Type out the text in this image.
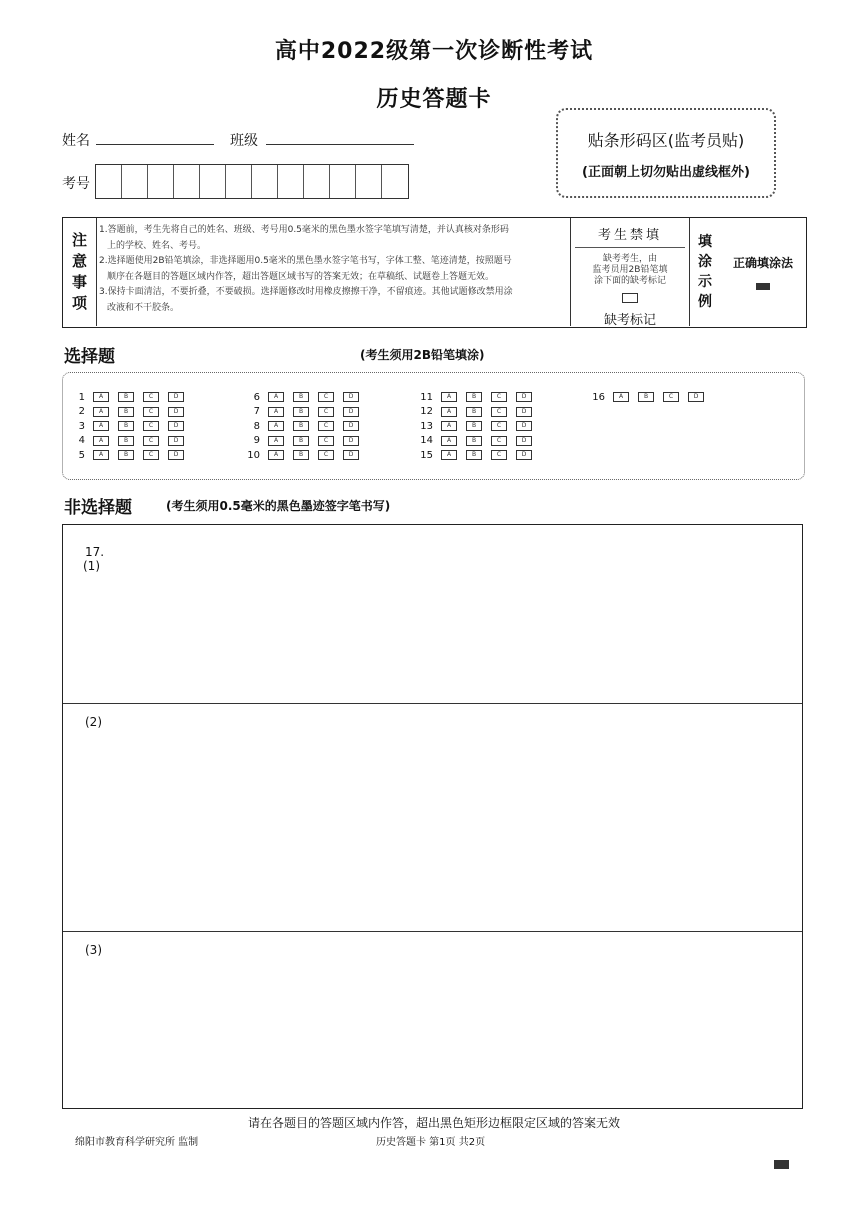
高中2022级第一次诊断性考试
历史答题卡
姓名	班级
考号
贴条形码区(监考员贴)
(正面朝上切勿贴出虚线框外)
注
意
事
项
1.答题前，考生先将自己的姓名、班级、考号用0.5毫米的黑色墨水签字笔填写清楚，并认真核对条形码
上的学校、姓名、考号。
2.选择题使用2B铅笔填涂，非选择题用0.5毫米的黑色墨水签字笔书写，字体工整、笔迹清楚，按照题号
顺序在各题目的答题区域内作答，超出答题区域书写的答案无效；在草稿纸、试题卷上答题无效。
3.保持卡面清洁，不要折叠，不要破损。选择题修改时用橡皮擦擦干净，不留痕迹。其他试题修改禁用涂
改液和不干胶条。
考生禁填
缺考考生，由
监考员用2B铅笔填
涂下面的缺考标记
缺考标记
填
涂
示
例
正确填涂法
选择题	(考生须用2B铅笔填涂)
1	A	B	C	D
2	A	B	C	D
3	A	B	C	D
4	A	B	C	D
5	A	B	C	D
6	A	B	C	D
7	A	B	C	D
8	A	B	C	D
9	A	B	C	D
10	A	B	C	D
11	A	B	C	D
12	A	B	C	D
13	A	B	C	D
14	A	B	C	D
15	A	B	C	D
16	A	B	C	D
非选择题	(考生须用0.5毫米的黑色墨迹签字笔书写)
17.
(1)
(2)
(3)
请在各题目的答题区域内作答，超出黑色矩形边框限定区域的答案无效
绵阳市教育科学研究所 监制	历史答题卡 第1页 共2页
